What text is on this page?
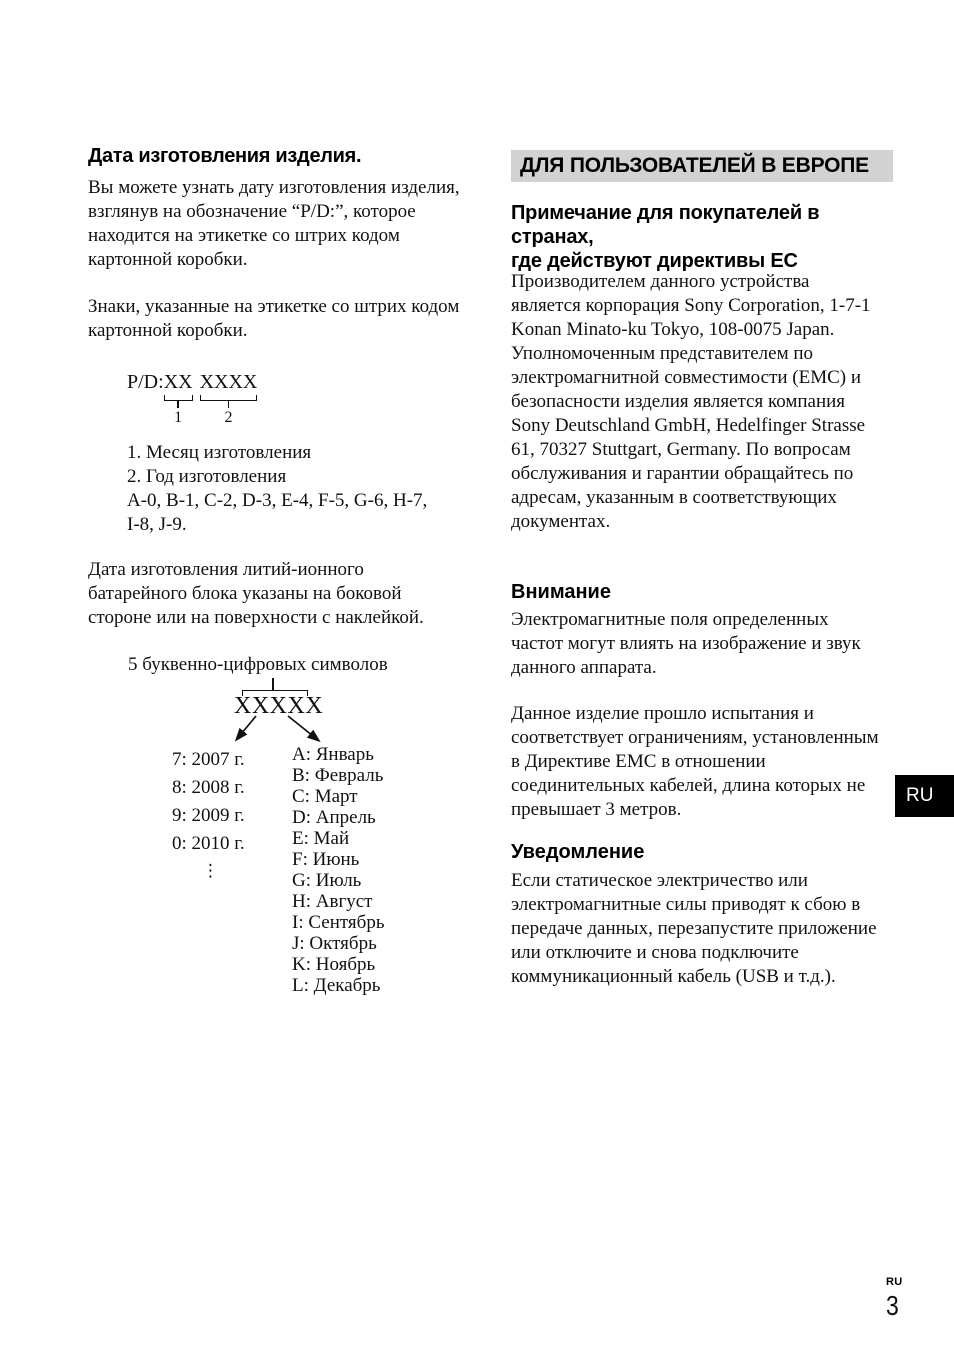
Дата изготовления изделия.
Вы можете узнать дату изготовления изделия, взглянув на обозначение “P/D:”, которое находится на этикетке со штрих кодом картонной коробки.
Знаки, указанные на этикетке со штрих кодом картонной коробки.
P/D: XX
1
XXXX
2
1. Месяц изготовления
2. Год изготовления
A-0, B-1, C-2, D-3, E-4, F-5, G-6, H-7,
I-8, J-9.
Дата изготовления литий-ионного батарейного блока указаны на боковой стороне или на поверхности с наклейкой.
5 буквенно-цифровых символов
XXXXX
7: 2007 г.
8: 2008 г.
9: 2009 г.
0: 2010 г.
⋮
A: Январь
B: Февраль
C: Март
D: Апрель
E: Май
F: Июнь
G: Июль
H: Август
I: Сентябрь
J: Октябрь
K: Ноябрь
L: Декабрь
ДЛЯ ПОЛЬЗОВАТЕЛЕЙ В ЕВРОПЕ
Примечание для покупателей в странах,
где действуют директивы ЕС
Производителем данного устройства является корпорация Sony Corporation, 1-7-1 Konan Minato-ku Tokyo, 108-0075 Japan. Уполномоченным представителем по электромагнитной совместимости (EMC) и безопасности изделия является компания Sony Deutschland GmbH, Hedelfinger Strasse 61, 70327 Stuttgart, Germany. По вопросам обслуживания и гарантии обращайтесь по адресам, указанным в соответствующих документах.
Внимание
Электромагнитные поля определенных частот могут влиять на изображение и звук данного аппарата.
Данное изделие прошло испытания и соответствует ограничениям, установленным в Директиве EMC в отношении соединительных кабелей, длина которых не превышает 3 метров.
Уведомление
Если статическое электричество или электромагнитные силы приводят к сбою в передаче данных, перезапустите приложение или отключите и снова подключите коммуникационный кабель (USB и т.д.).
RU
RU
3
